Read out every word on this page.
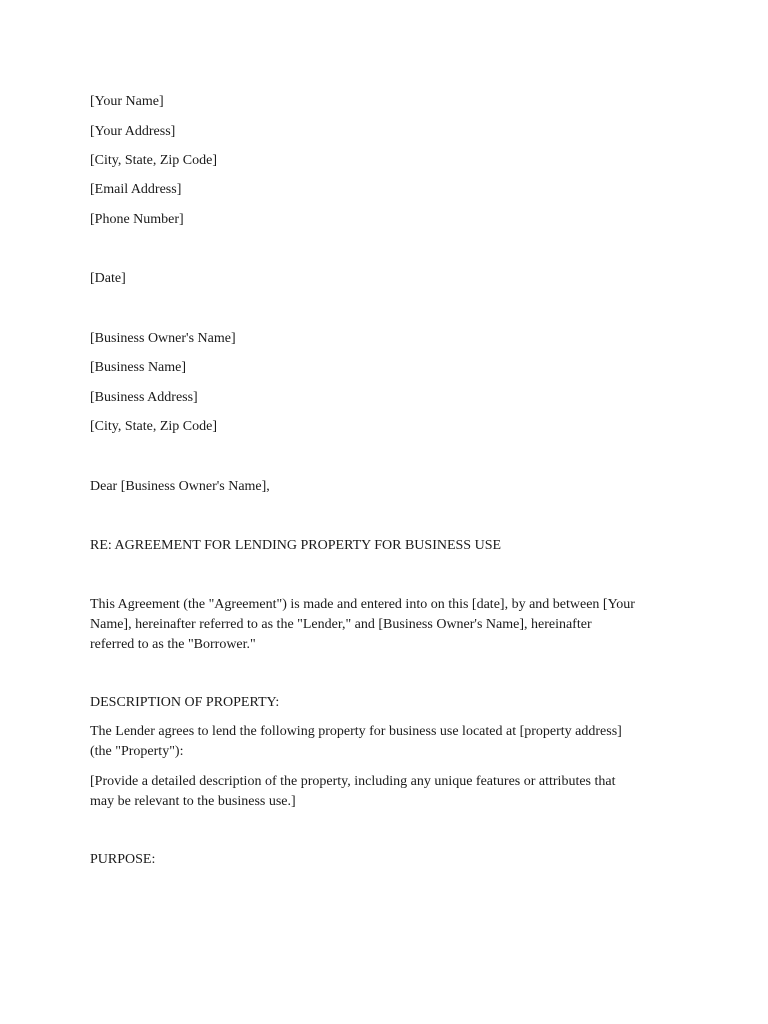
[Your Name]
[Your Address]
[City, State, Zip Code]
[Email Address]
[Phone Number]
[Date]
[Business Owner's Name]
[Business Name]
[Business Address]
[City, State, Zip Code]
Dear [Business Owner's Name],
RE: AGREEMENT FOR LENDING PROPERTY FOR BUSINESS USE
This Agreement (the "Agreement") is made and entered into on this [date], by and between [Your
Name], hereinafter referred to as the "Lender," and [Business Owner's Name], hereinafter
referred to as the "Borrower."
DESCRIPTION OF PROPERTY:
The Lender agrees to lend the following property for business use located at [property address]
(the "Property"):
[Provide a detailed description of the property, including any unique features or attributes that
may be relevant to the business use.]
PURPOSE:
